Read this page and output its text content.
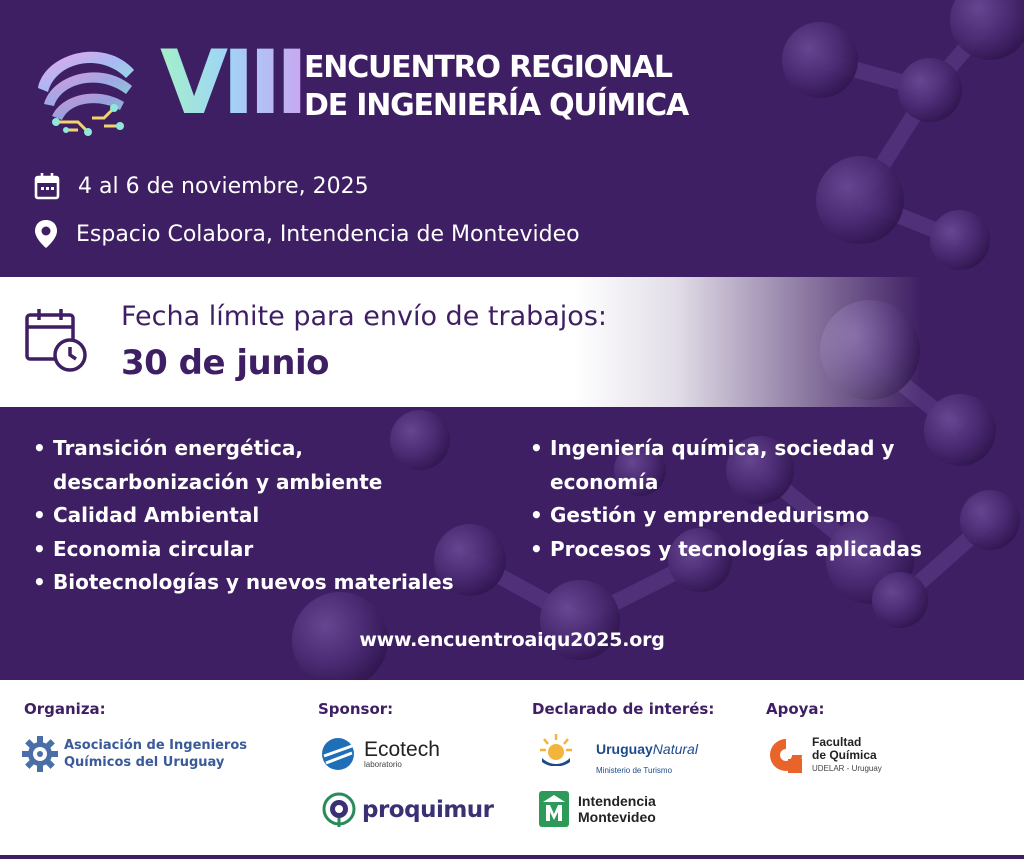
VIII ENCUENTRO REGIONAL
DE INGENIERÍA QUÍMICA
4 al 6 de noviembre, 2025
Espacio Colabora, Intendencia de Montevideo
Fecha límite para envío de trabajos:
30 de junio
• Transición energética,
descarbonización y ambiente
• Calidad Ambiental
• Economia circular
• Biotecnologías y nuevos materiales
• Ingeniería química, sociedad y
economía
• Gestión y emprendedurismo
• Procesos y tecnologías aplicadas
www.encuentroaiqu2025.org
Organiza:	Sponsor:	Declarado de interés:	Apoya:
Asociación de Ingenieros
Químicos del Uruguay
Ecotech
laboratorio
proquimur
UruguayNatural
Ministerio de Turismo
Intendencia
Montevideo
Facultad
de Química
UDELAR - Uruguay
